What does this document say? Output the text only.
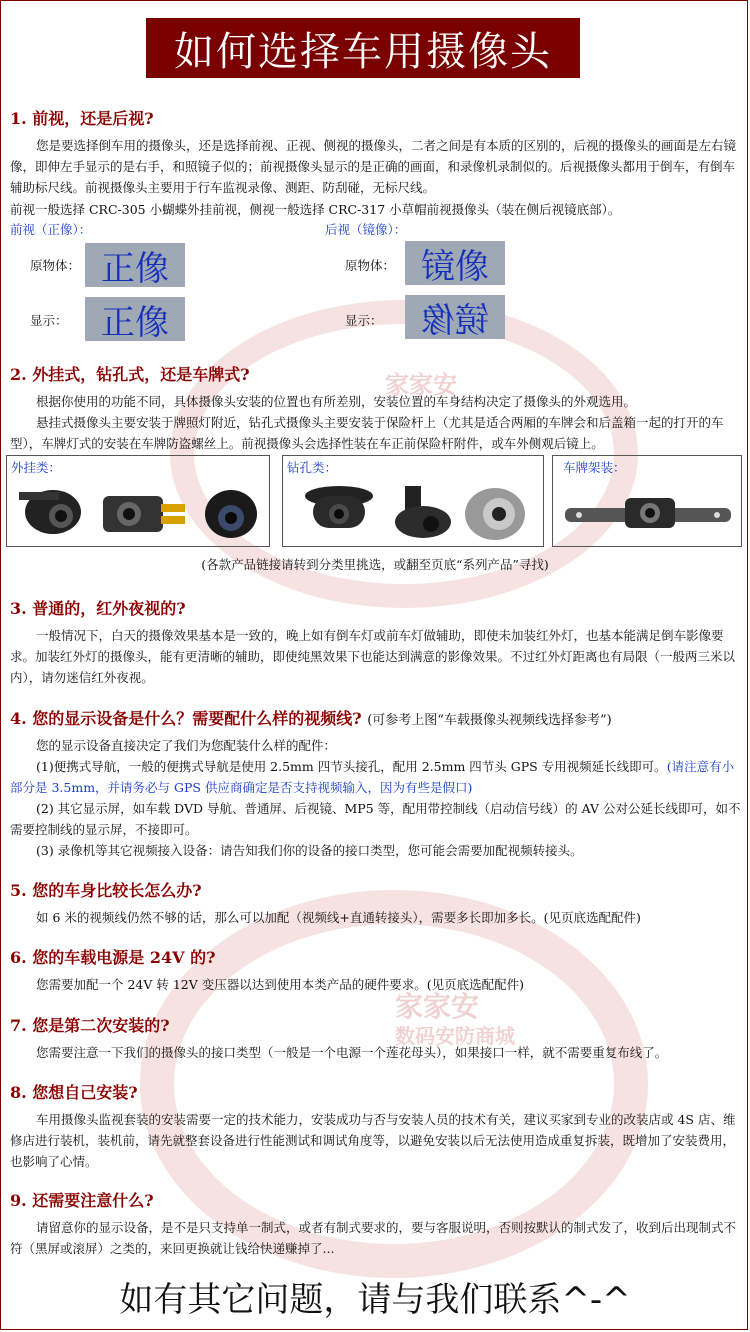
家家安
家家安
数码安防商城
如何选择车用摄像头
1. 前视，还是后视?
您是要选择倒车用的摄像头，还是选择前视、正视、侧视的摄像头，二者之间是有本质的区别的，后视的摄像头的画面是左右镜像，即伸左手显示的是右手，和照镜子似的；前视摄像头显示的是正确的画面，和录像机录制似的。后视摄像头都用于倒车，有倒车辅助标尺线。前视摄像头主要用于行车监视录像、测距、防刮碰，无标尺线。
前视一般选择 CRC-305 小蝴蝶外挂前视，侧视一般选择 CRC-317 小草帽前视摄像头（装在侧后视镜底部）。
前视（正像）：	后视（镜像）：
原物体： 正像	原物体： 镜像
显示： 正像	显示：	镜像
2. 外挂式，钻孔式，还是车牌式?
根据你使用的功能不同，具体摄像头安装的位置也有所差别，安装位置的车身结构决定了摄像头的外观选用。
悬挂式摄像头主要安装于牌照灯附近，钻孔式摄像头主要安装于保险杆上（尤其是适合两厢的车牌会和后盖箱一起的打开的车型），车牌灯式的安装在车牌防盗螺丝上。前视摄像头会选择性装在车正前保险杆附件，或车外侧观后镜上。
外挂类：	钻孔类：	车牌架装：
(各款产品链接请转到分类里挑选，或翻至页底“系列产品”寻找)
3. 普通的，红外夜视的?
一般情况下，白天的摄像效果基本是一致的，晚上如有倒车灯或前车灯做辅助，即使未加装红外灯，也基本能满足倒车影像要求。加装红外灯的摄像头，能有更清晰的辅助，即使纯黑效果下也能达到满意的影像效果。不过红外灯距离也有局限（一般两三米以内），请勿迷信红外夜视。
4. 您的显示设备是什么？需要配什么样的视频线? (可参考上图“车载摄像头视频线选择参考”)
您的显示设备直接决定了我们为您配装什么样的配件：
(1)便携式导航，一般的便携式导航是使用 2.5mm 四节头接孔，配用 2.5mm 四节头 GPS 专用视频延长线即可。(请注意有小部分是 3.5mm，并请务必与 GPS 供应商确定是否支持视频输入，因为有些是假口)
(2) 其它显示屏，如车载 DVD 导航、普通屏、后视镜、MP5 等，配用带控制线（启动信号线）的 AV 公对公延长线即可，如不需要控制线的显示屏，不接即可。
(3) 录像机等其它视频接入设备：请告知我们你的设备的接口类型，您可能会需要加配视频转接头。
5. 您的车身比较长怎么办?
如 6 米的视频线仍然不够的话，那么可以加配（视频线+直通转接头），需要多长即加多长。(见页底选配配件)
6. 您的车载电源是 24V 的?
您需要加配一个 24V 转 12V 变压器以达到使用本类产品的硬件要求。(见页底选配配件)
7. 您是第二次安装的?
您需要注意一下我们的摄像头的接口类型（一般是一个电源一个莲花母头），如果接口一样，就不需要重复布线了。
8. 您想自己安装?
车用摄像头监视套装的安装需要一定的技术能力，安装成功与否与安装人员的技术有关，建议买家到专业的改装店或 4S 店、维修店进行装机，装机前，请先就整套设备进行性能测试和调试角度等，以避免安装以后无法使用造成重复拆装，既增加了安装费用，也影响了心情。
9. 还需要注意什么?
请留意你的显示设备，是不是只支持单一制式，或者有制式要求的，要与客服说明，否则按默认的制式发了，收到后出现制式不符（黑屏或滚屏）之类的，来回更换就让钱给快递赚掉了...
如有其它问题，请与我们联系^-^
